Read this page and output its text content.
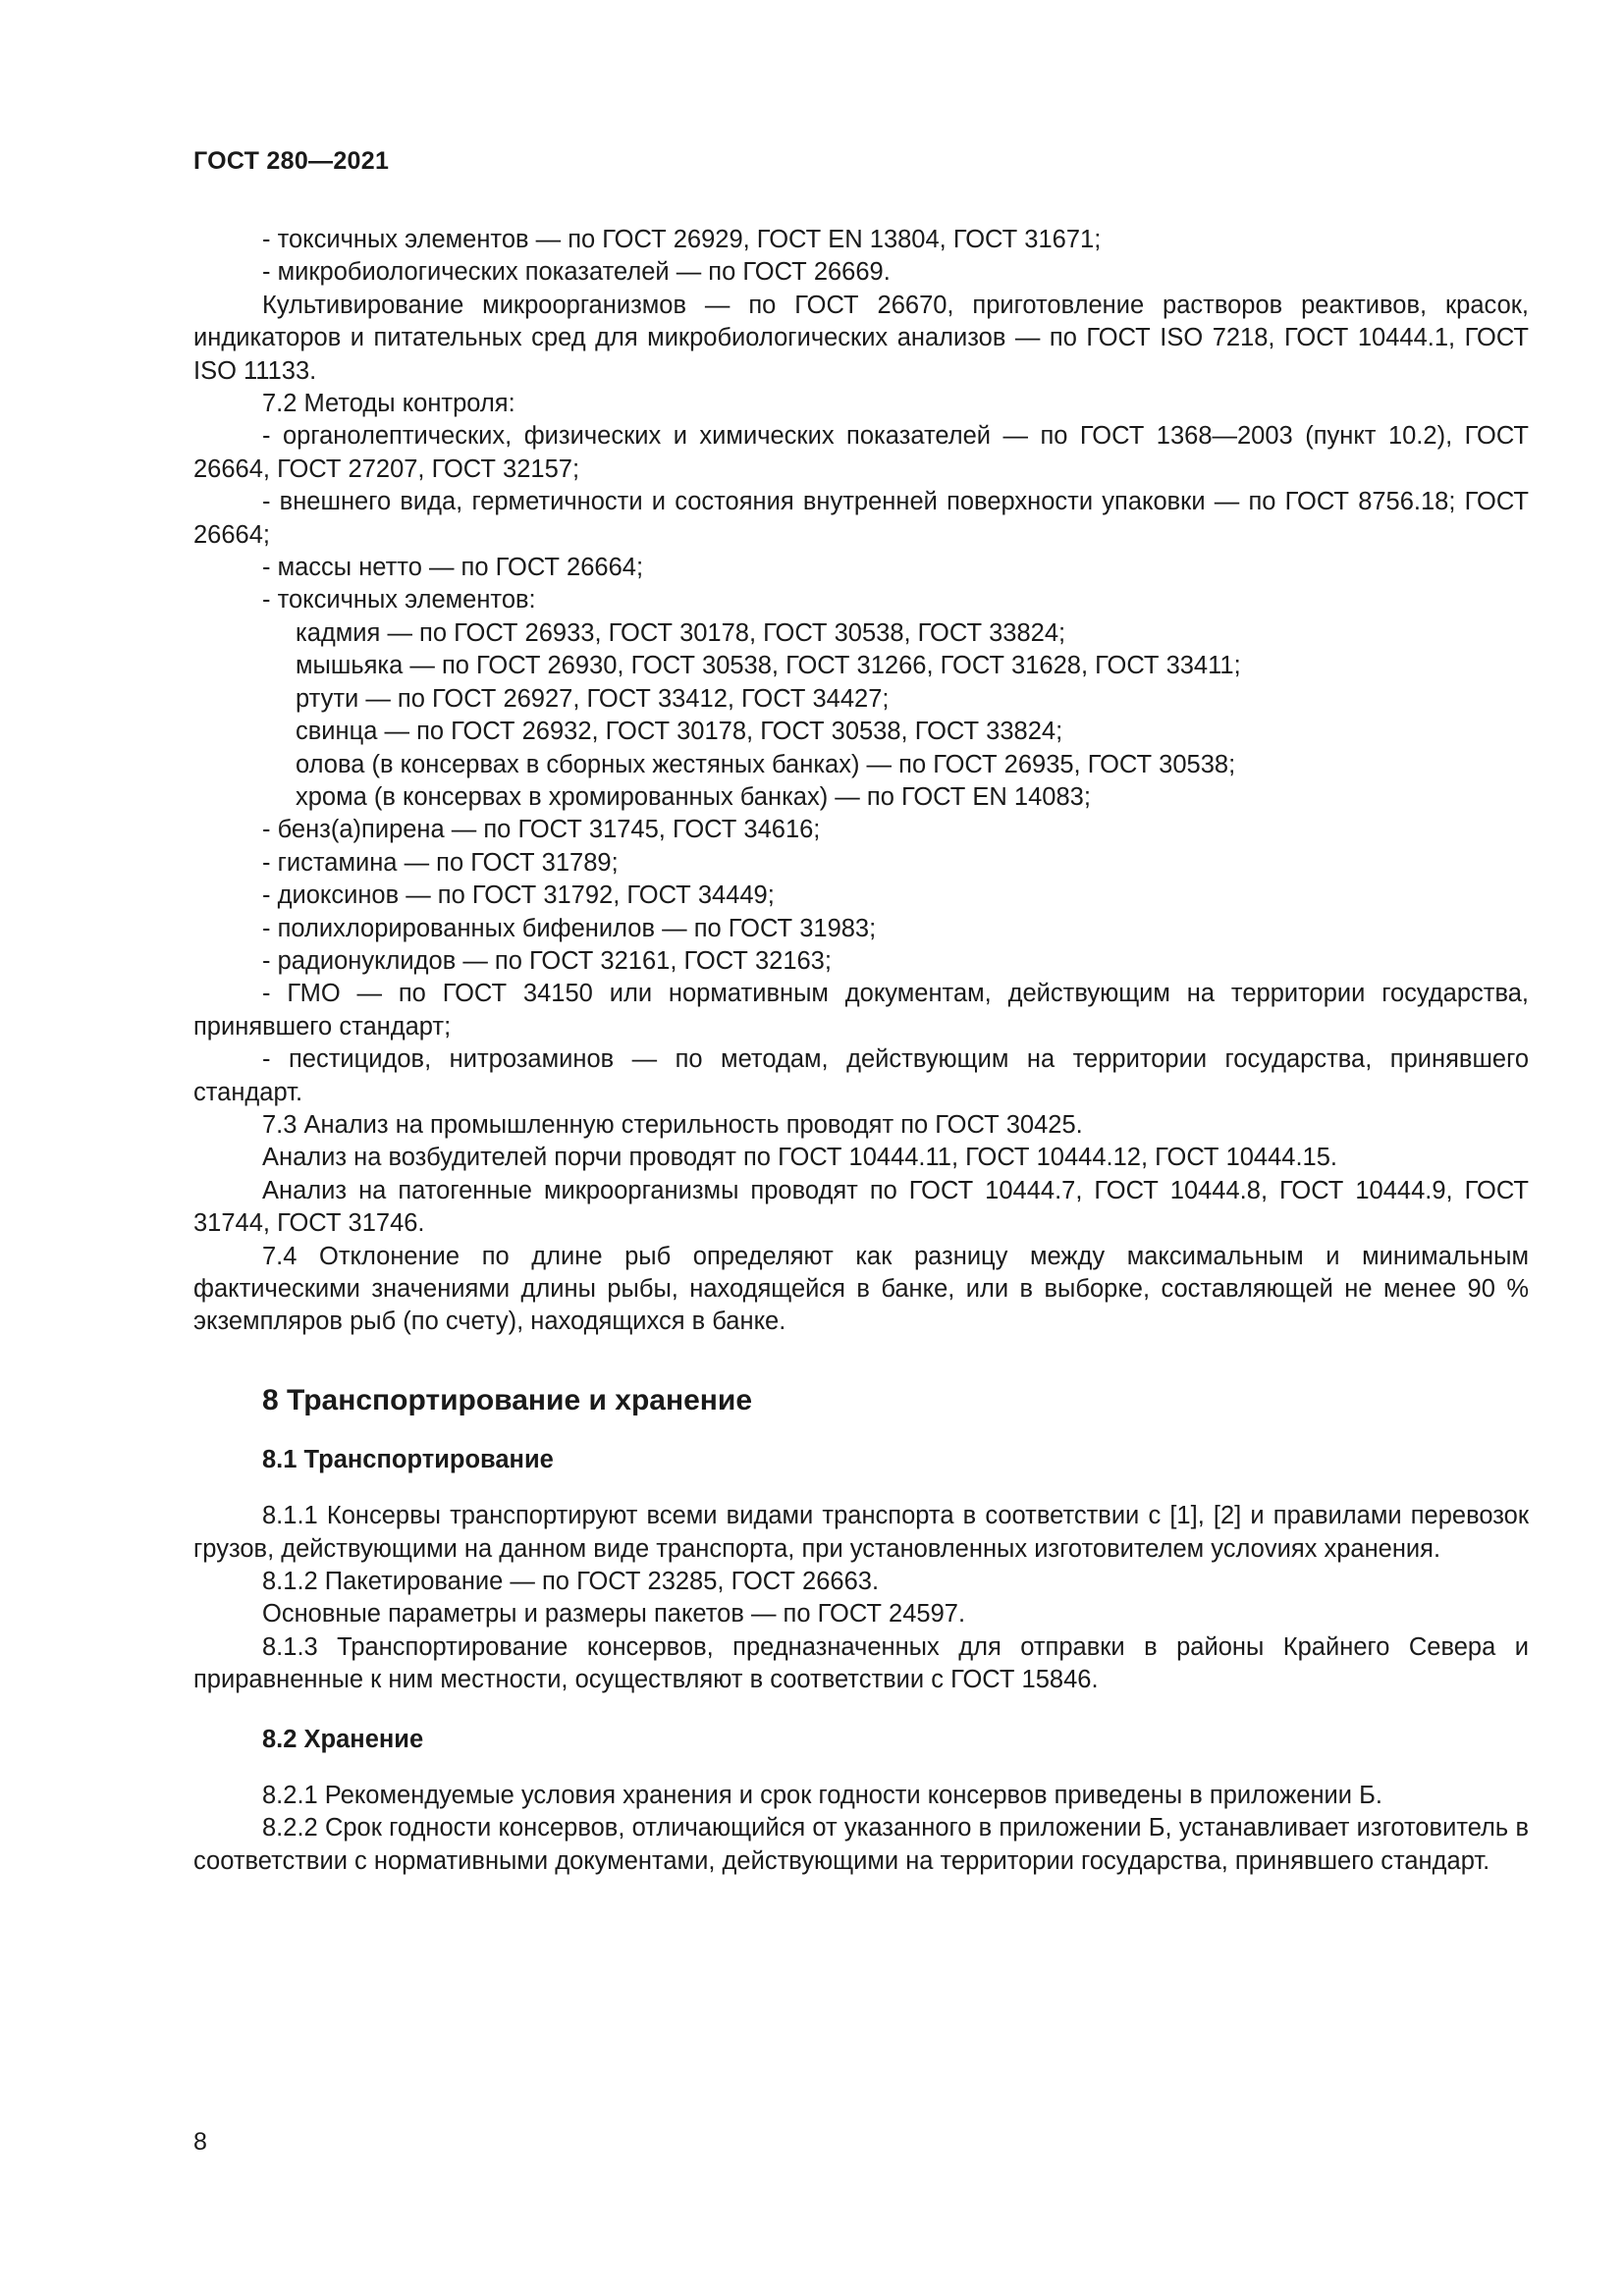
ГОСТ 280—2021

- токсичных элементов — по ГОСТ 26929, ГОСТ EN 13804, ГОСТ 31671;

- микробиологических показателей — по ГОСТ 26669.

Культивирование микроорганизмов — по ГОСТ 26670, приготовление растворов реактивов, красок, индикаторов и питательных сред для микробиологических анализов — по ГОСТ ISO 7218, ГОСТ 10444.1, ГОСТ ISO 11133.

7.2 Методы контроля:

- органолептических, физических и химических показателей — по ГОСТ 1368—2003 (пункт 10.2), ГОСТ 26664, ГОСТ 27207, ГОСТ 32157;

- внешнего вида, герметичности и состояния внутренней поверхности упаковки — по ГОСТ 8756.18; ГОСТ 26664;

- массы нетто — по ГОСТ 26664;

- токсичных элементов:

кадмия — по ГОСТ 26933, ГОСТ 30178, ГОСТ 30538, ГОСТ 33824;

мышьяка — по ГОСТ 26930, ГОСТ 30538, ГОСТ 31266, ГОСТ 31628, ГОСТ 33411;

ртути — по ГОСТ 26927, ГОСТ 33412, ГОСТ 34427;

свинца — по ГОСТ 26932, ГОСТ 30178, ГОСТ 30538, ГОСТ 33824;

олова (в консервах в сборных жестяных банках) — по ГОСТ 26935, ГОСТ 30538;

хрома (в консервах в хромированных банках) — по ГОСТ EN 14083;

- бенз(а)пирена — по ГОСТ 31745, ГОСТ 34616;

- гистамина — по ГОСТ 31789;

- диоксинов — по ГОСТ 31792, ГОСТ 34449;

- полихлорированных бифенилов — по ГОСТ 31983;

- радионуклидов — по ГОСТ 32161, ГОСТ 32163;

- ГМО — по ГОСТ 34150 или нормативным документам, действующим на территории государства, принявшего стандарт;

- пестицидов, нитрозаминов — по методам, действующим на территории государства, принявшего стандарт.

7.3 Анализ на промышленную стерильность проводят по ГОСТ 30425.

Анализ на возбудителей порчи проводят по ГОСТ 10444.11, ГОСТ 10444.12, ГОСТ 10444.15.

Анализ на патогенные микроорганизмы проводят по ГОСТ 10444.7, ГОСТ 10444.8, ГОСТ 10444.9, ГОСТ 31744, ГОСТ 31746.

7.4 Отклонение по длине рыб определяют как разницу между максимальным и минимальным фактическими значениями длины рыбы, находящейся в банке, или в выборке, составляющей не менее 90 % экземпляров рыб (по счету), находящихся в банке.

8 Транспортирование и хранение
8.1 Транспортирование

8.1.1 Консервы транспортируют всеми видами транспорта в соответствии с [1], [2] и правилами перевозок грузов, действующими на данном виде транспорта, при установленных изготовителем услоvиях хранения.

8.1.2 Пакетирование — по ГОСТ 23285, ГОСТ 26663.

Основные параметры и размеры пакетов — по ГОСТ 24597.

8.1.3 Транспортирование консервов, предназначенных для отправки в районы Крайнего Севера и приравненные к ним местности, осуществляют в соответствии с ГОСТ 15846.

8.2 Хранение

8.2.1 Рекомендуемые условия хранения и срок годности консервов приведены в приложении Б.

8.2.2 Срок годности консервов, отличающийся от указанного в приложении Б, устанавливает изготовитель в соответствии с нормативными документами, действующими на территории государства, принявшего стандарт.

8
